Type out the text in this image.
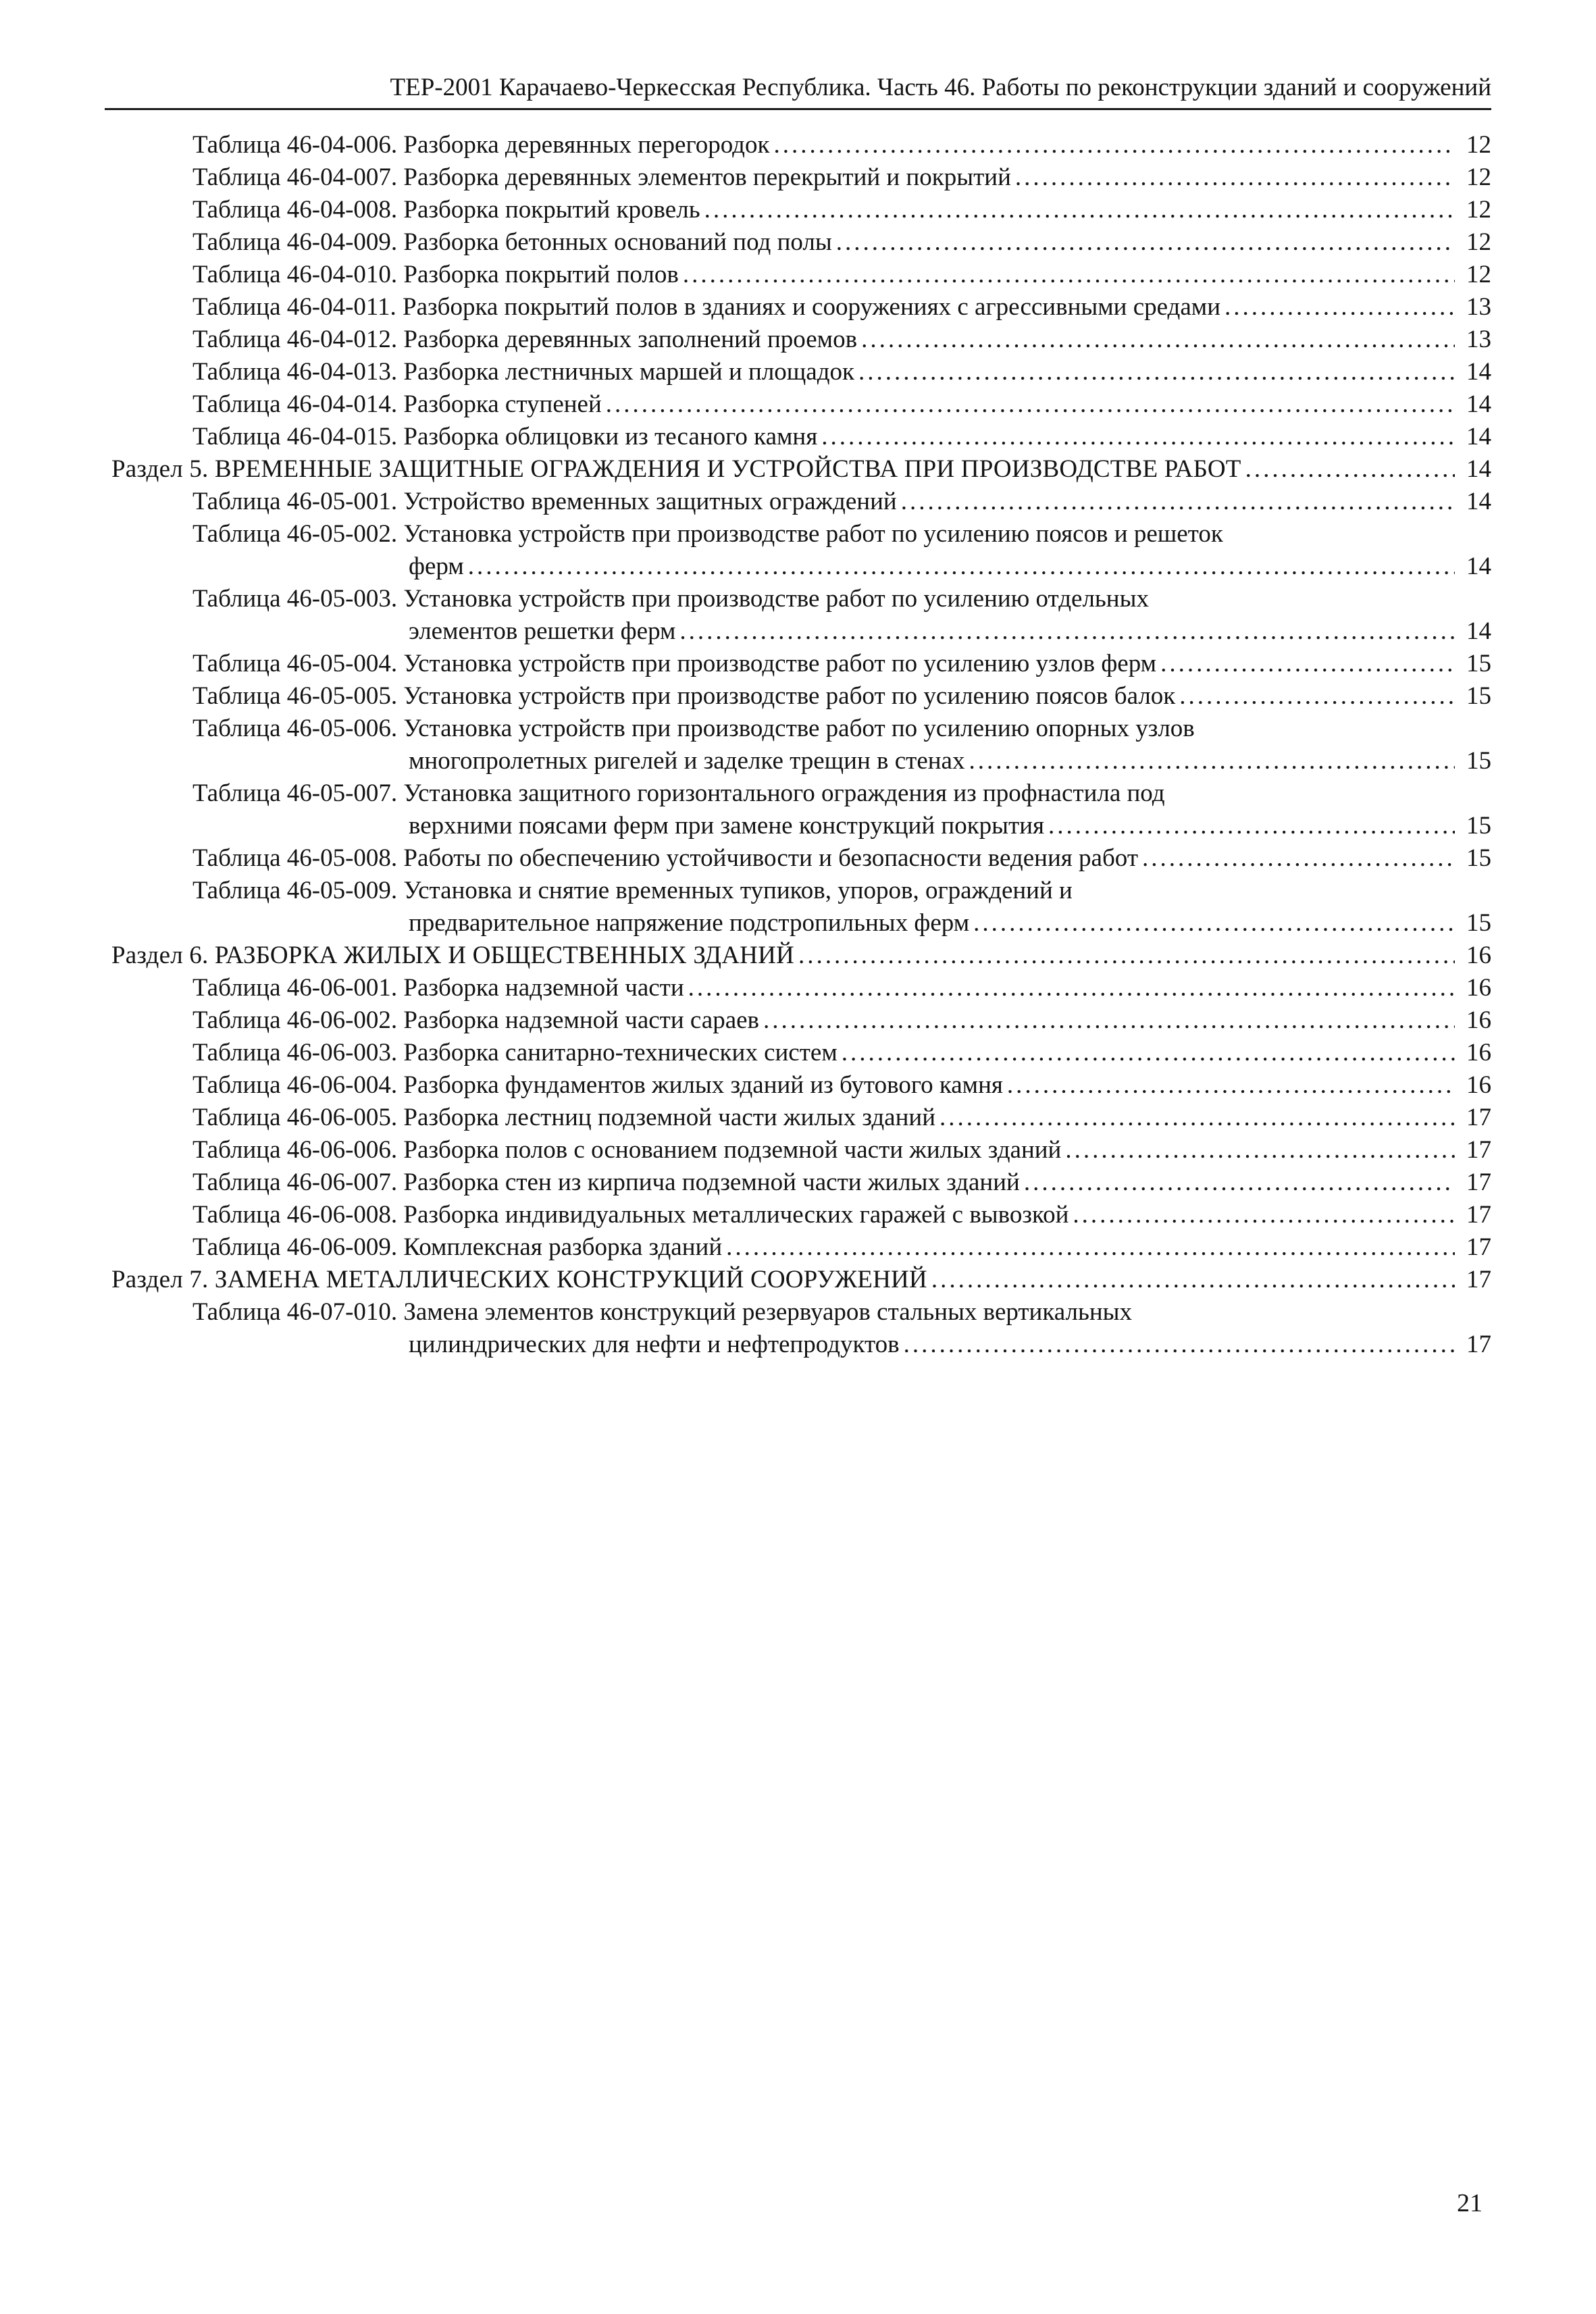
ТЕР-2001 Карачаево-Черкесская Республика. Часть 46. Работы по реконструкции зданий и сооружений
Таблица 46-04-006. Разборка деревянных перегородок .....	12
Таблица 46-04-007. Разборка деревянных элементов перекрытий и покрытий .....	12
Таблица 46-04-008. Разборка покрытий кровель .....	12
Таблица 46-04-009. Разборка бетонных оснований под полы .....	12
Таблица 46-04-010. Разборка покрытий полов .....	12
Таблица 46-04-011. Разборка покрытий полов в зданиях и сооружениях с агрессивными средами .....	13
Таблица 46-04-012. Разборка деревянных заполнений проемов .....	13
Таблица 46-04-013. Разборка лестничных маршей и площадок .....	14
Таблица 46-04-014. Разборка ступеней .....	14
Таблица 46-04-015. Разборка облицовки из тесаного камня .....	14
Раздел 5. ВРЕМЕННЫЕ ЗАЩИТНЫЕ ОГРАЖДЕНИЯ И УСТРОЙСТВА ПРИ ПРОИЗВОДСТВЕ РАБОТ .....	14
Таблица 46-05-001. Устройство временных защитных ограждений .....	14
Таблица 46-05-002. Установка устройств при производстве работ по усилению поясов и решеток
ферм .....	14
Таблица 46-05-003. Установка устройств при производстве работ по усилению отдельных
элементов решетки ферм .....	14
Таблица 46-05-004. Установка устройств при производстве работ по усилению узлов ферм .....	15
Таблица 46-05-005. Установка устройств при производстве работ по усилению поясов балок .....	15
Таблица 46-05-006. Установка устройств при производстве работ по усилению опорных узлов
многопролетных ригелей и заделке трещин в стенах .....	15
Таблица 46-05-007. Установка защитного горизонтального ограждения из профнастила под
верхними поясами ферм при замене конструкций покрытия .....	15
Таблица 46-05-008. Работы по обеспечению устойчивости и безопасности ведения работ .....	15
Таблица 46-05-009. Установка и снятие временных тупиков, упоров, ограждений и
предварительное напряжение подстропильных ферм .....	15
Раздел 6. РАЗБОРКА ЖИЛЫХ И ОБЩЕСТВЕННЫХ ЗДАНИЙ .....	16
Таблица 46-06-001. Разборка надземной части .....	16
Таблица 46-06-002. Разборка надземной части сараев .....	16
Таблица 46-06-003. Разборка санитарно-технических систем .....	16
Таблица 46-06-004. Разборка фундаментов жилых зданий из бутового камня .....	16
Таблица 46-06-005. Разборка лестниц подземной части жилых зданий .....	17
Таблица 46-06-006. Разборка полов с основанием подземной части жилых зданий .....	17
Таблица 46-06-007. Разборка стен из кирпича подземной части жилых зданий .....	17
Таблица 46-06-008. Разборка индивидуальных металлических гаражей с вывозкой .....	17
Таблица 46-06-009. Комплексная разборка зданий .....	17
Раздел 7. ЗАМЕНА МЕТАЛЛИЧЕСКИХ КОНСТРУКЦИЙ СООРУЖЕНИЙ .....	17
Таблица 46-07-010. Замена элементов конструкций резервуаров стальных вертикальных
цилиндрических для нефти и нефтепродуктов .....	17
21
